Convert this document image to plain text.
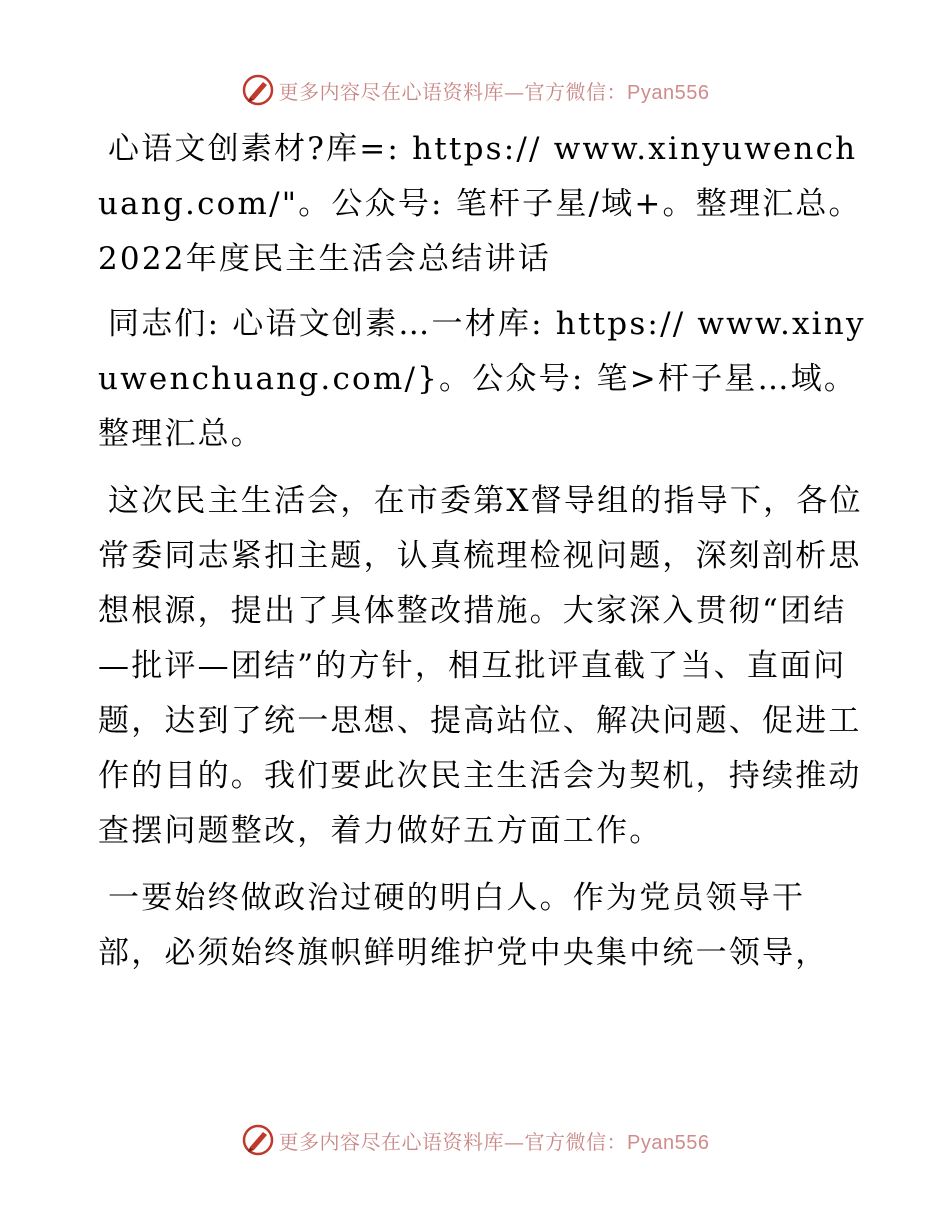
更多内容尽在心语资料库—官方微信：Pyan556

心语文创素材?库=: https:// www.xinyuwenchuang.com/"。公众号: 笔杆子星/域+。整理汇总。2022年度民主生活会总结讲话

同志们: 心语文创素…一材库: https:// www.xinyuwenchuang.com/}。公众号: 笔>杆子星…域。整理汇总。

这次民主生活会，在市委第X督导组的指导下，各位常委同志紧扣主题，认真梳理检视问题，深刻剖析思想根源，提出了具体整改措施。大家深入贯彻“团结—批评—团结”的方针，相互批评直截了当、直面问题，达到了统一思想、提高站位、解决问题、促进工作的目的。我们要此次民主生活会为契机，持续推动查摆问题整改，着力做好五方面工作。

一要始终做政治过硬的明白人。作为党员领导干部，必须始终旗帜鲜明维护党中央集中统一领导，

更多内容尽在心语资料库—官方微信：Pyan556
